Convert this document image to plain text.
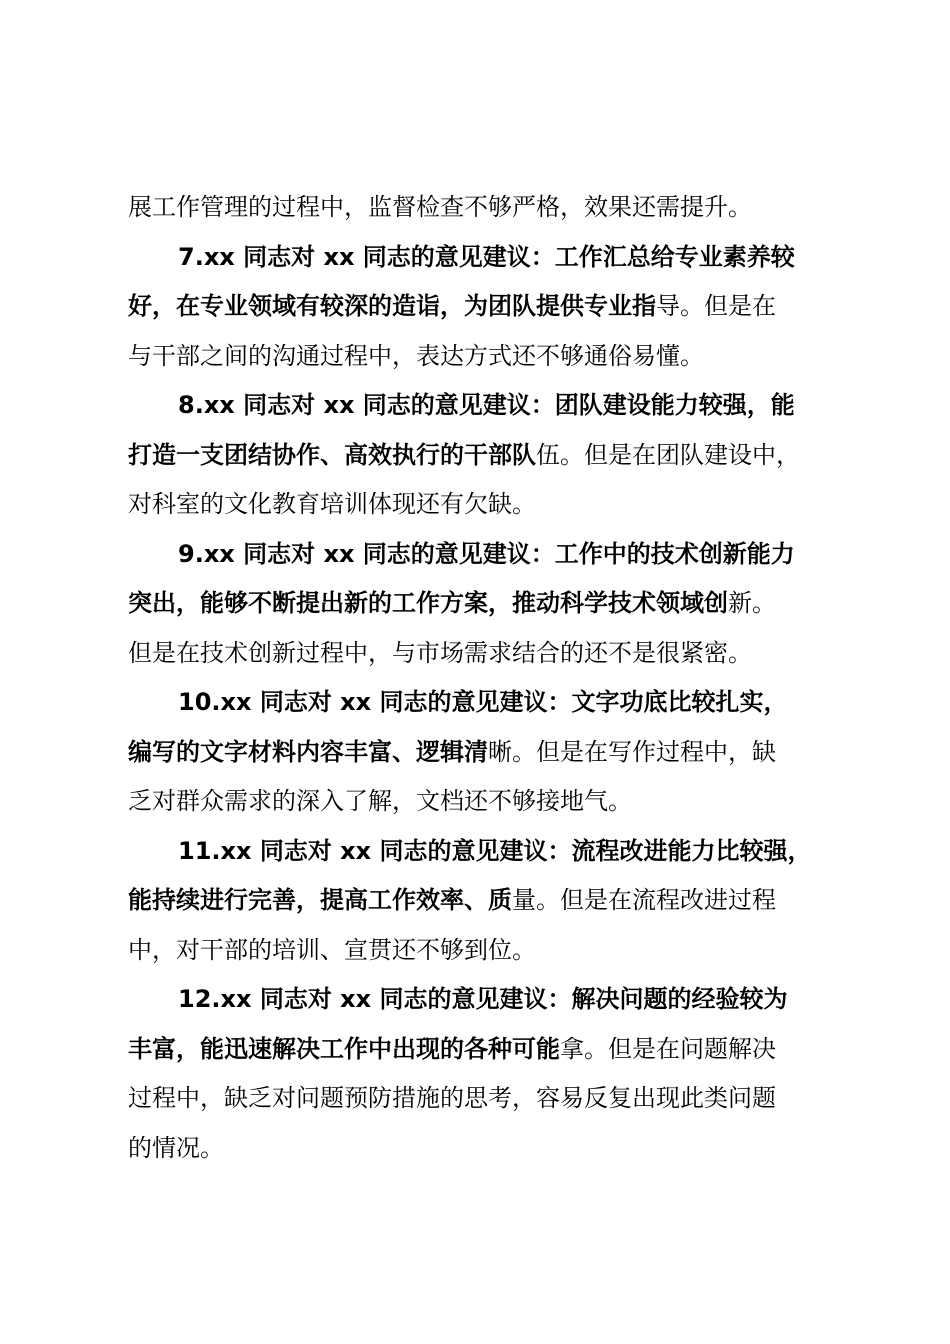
展工作管理的过程中，监督检查不够严格，效果还需提升。

7.xx 同志对 xx 同志的意见建议：工作汇总给专业素养较
好，在专业领域有较深的造诣，为团队提供专业指导。但是在
与干部之间的沟通过程中，表达方式还不够通俗易懂。

8.xx 同志对 xx 同志的意见建议：团队建设能力较强，能
打造一支团结协作、高效执行的干部队伍。但是在团队建设中，
对科室的文化教育培训体现还有欠缺。

9.xx 同志对 xx 同志的意见建议：工作中的技术创新能力
突出，能够不断提出新的工作方案，推动科学技术领域创新。
但是在技术创新过程中，与市场需求结合的还不是很紧密。

10.xx 同志对 xx 同志的意见建议：文字功底比较扎实，
编写的文字材料内容丰富、逻辑清晰。但是在写作过程中，缺
乏对群众需求的深入了解，文档还不够接地气。

11.xx 同志对 xx 同志的意见建议：流程改进能力比较强，
能持续进行完善，提高工作效率、质量。但是在流程改进过程
中，对干部的培训、宣贯还不够到位。

12.xx 同志对 xx 同志的意见建议：解决问题的经验较为
丰富，能迅速解决工作中出现的各种可能拿。但是在问题解决
过程中，缺乏对问题预防措施的思考，容易反复出现此类问题
的情况。
